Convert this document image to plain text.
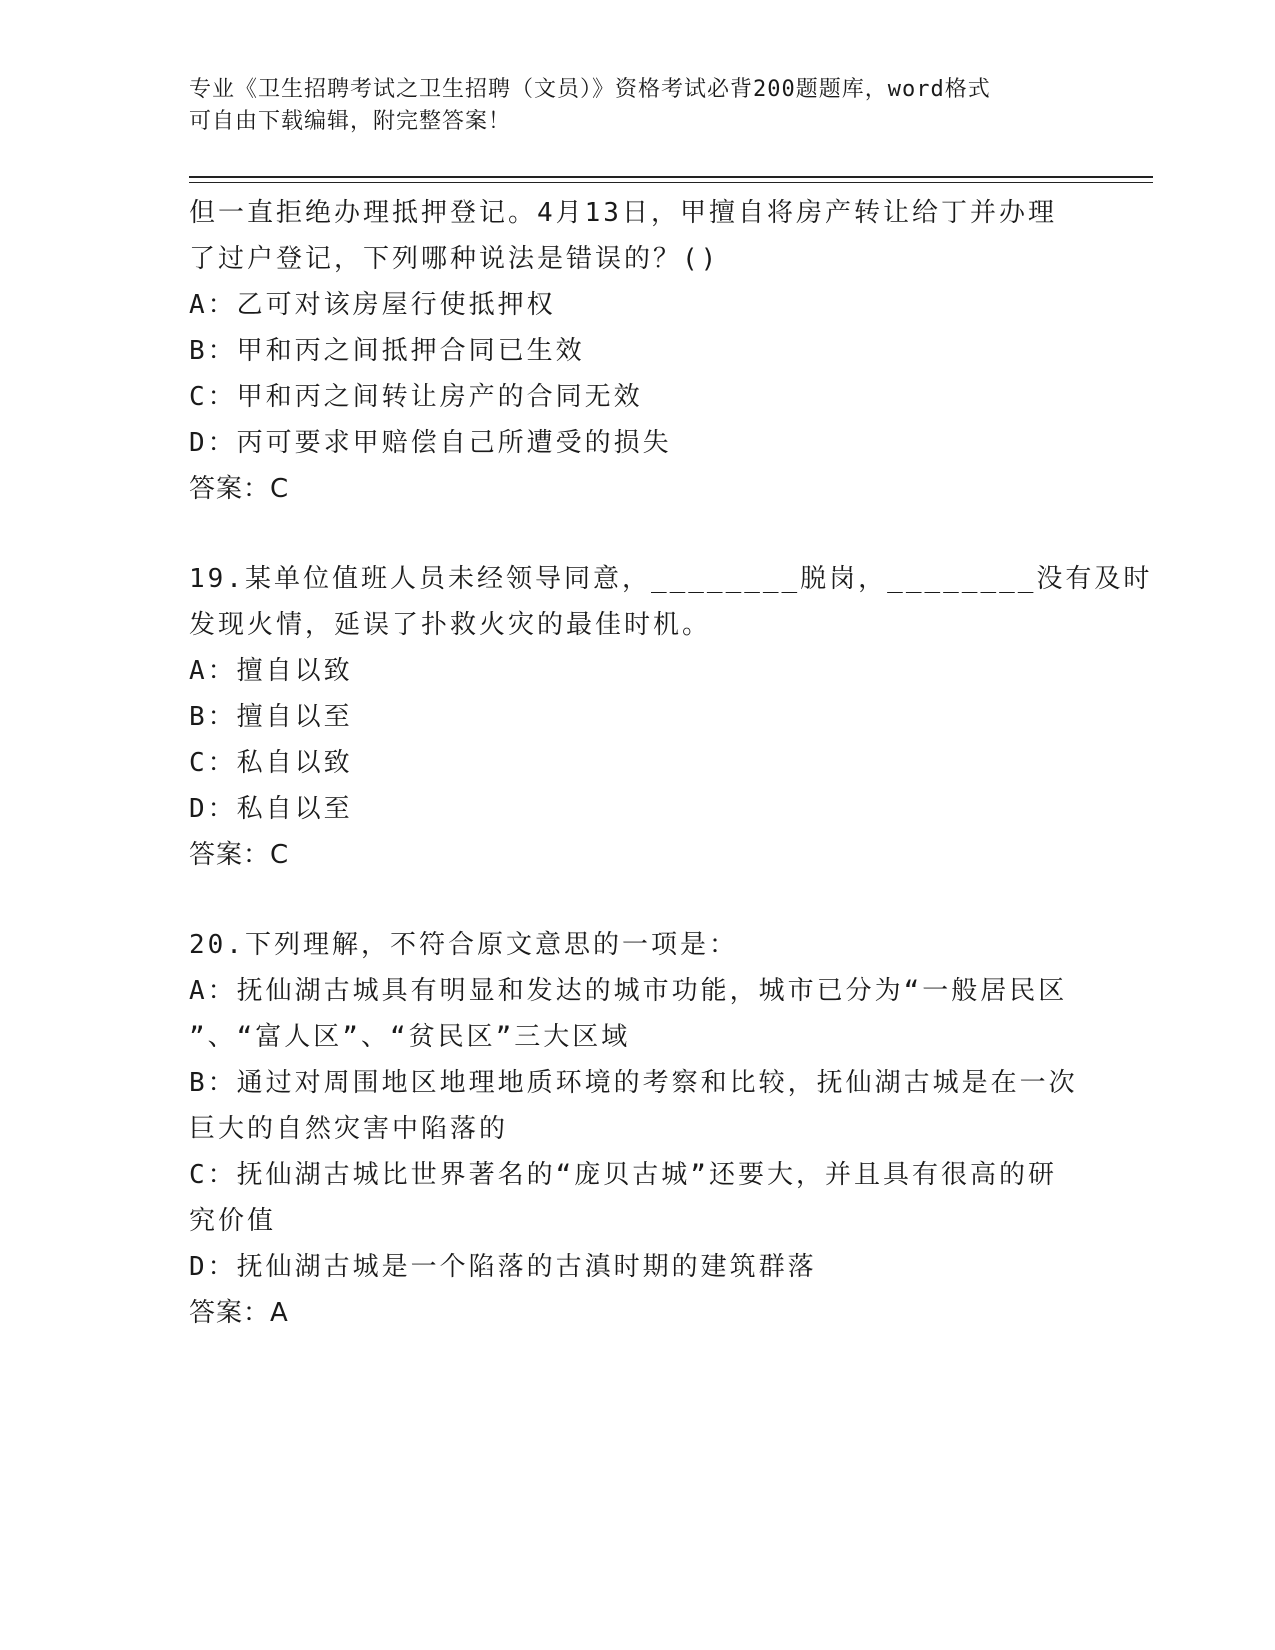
专业《卫生招聘考试之卫生招聘（文员）》资格考试必背200题题库，word格式
可自由下载编辑，附完整答案！
但一直拒绝办理抵押登记。4月13日，甲擅自将房产转让给丁并办理
了过户登记，下列哪种说法是错误的？()
A：乙可对该房屋行使抵押权
B：甲和丙之间抵押合同已生效
C：甲和丙之间转让房产的合同无效
D：丙可要求甲赔偿自己所遭受的损失
答案：C
19.某单位值班人员未经领导同意，________脱岗，________没有及时
发现火情，延误了扑救火灾的最佳时机。
A：擅自以致
B：擅自以至
C：私自以致
D：私自以至
答案：C
20.下列理解，不符合原文意思的一项是：
A：抚仙湖古城具有明显和发达的城市功能，城市已分为“一般居民区
”、“富人区”、“贫民区”三大区域
B：通过对周围地区地理地质环境的考察和比较，抚仙湖古城是在一次
巨大的自然灾害中陷落的
C：抚仙湖古城比世界著名的“庞贝古城”还要大，并且具有很高的研
究价值
D：抚仙湖古城是一个陷落的古滇时期的建筑群落
答案：A
